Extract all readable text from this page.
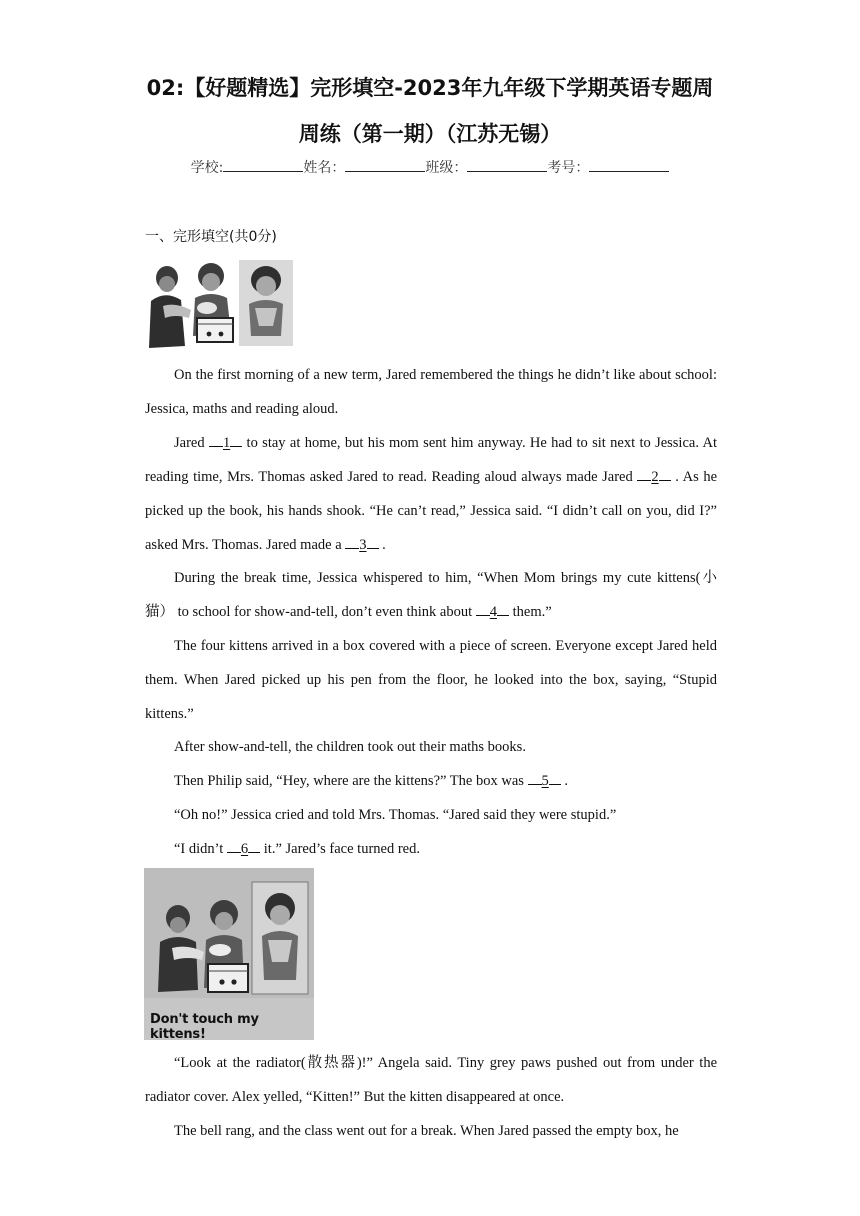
02:【好题精选】完形填空-2023年九年级下学期英语专题周
周练（第一期）（江苏无锡）
学校:	姓名：	班级：	考号：
一、完形填空(共0分)
On the first morning of a new term, Jared remembered the things he didn’t like about school: Jessica, maths and reading aloud.
Jared 1 to stay at home, but his mom sent him anyway. He had to sit next to Jessica. At reading time, Mrs. Thomas asked Jared to read. Reading aloud always made Jared 2 . As he picked up the book, his hands shook. “He can’t read,” Jessica said. “I didn’t call on you, did I?” asked Mrs. Thomas. Jared made a 3 .
During the break time, Jessica whispered to him, “When Mom brings my cute kittens(小猫） to school for show-and-tell, don’t even think about 4 them.”
The four kittens arrived in a box covered with a piece of screen. Everyone except Jared held them. When Jared picked up his pen from the floor, he looked into the box, saying, “Stupid kittens.”
After show-and-tell, the children took out their maths books.
Then Philip said, “Hey, where are the kittens?” The box was 5 .
“Oh no!” Jessica cried and told Mrs. Thomas. “Jared said they were stupid.”
“I didn’t 6 it.” Jared’s face turned red.
Don't touch my kittens!
“Look at the radiator(散热器)!” Angela said. Tiny grey paws pushed out from under the radiator cover. Alex yelled, “Kitten!” But the kitten disappeared at once.
The bell rang, and the class went out for a break. When Jared passed the empty box, he
